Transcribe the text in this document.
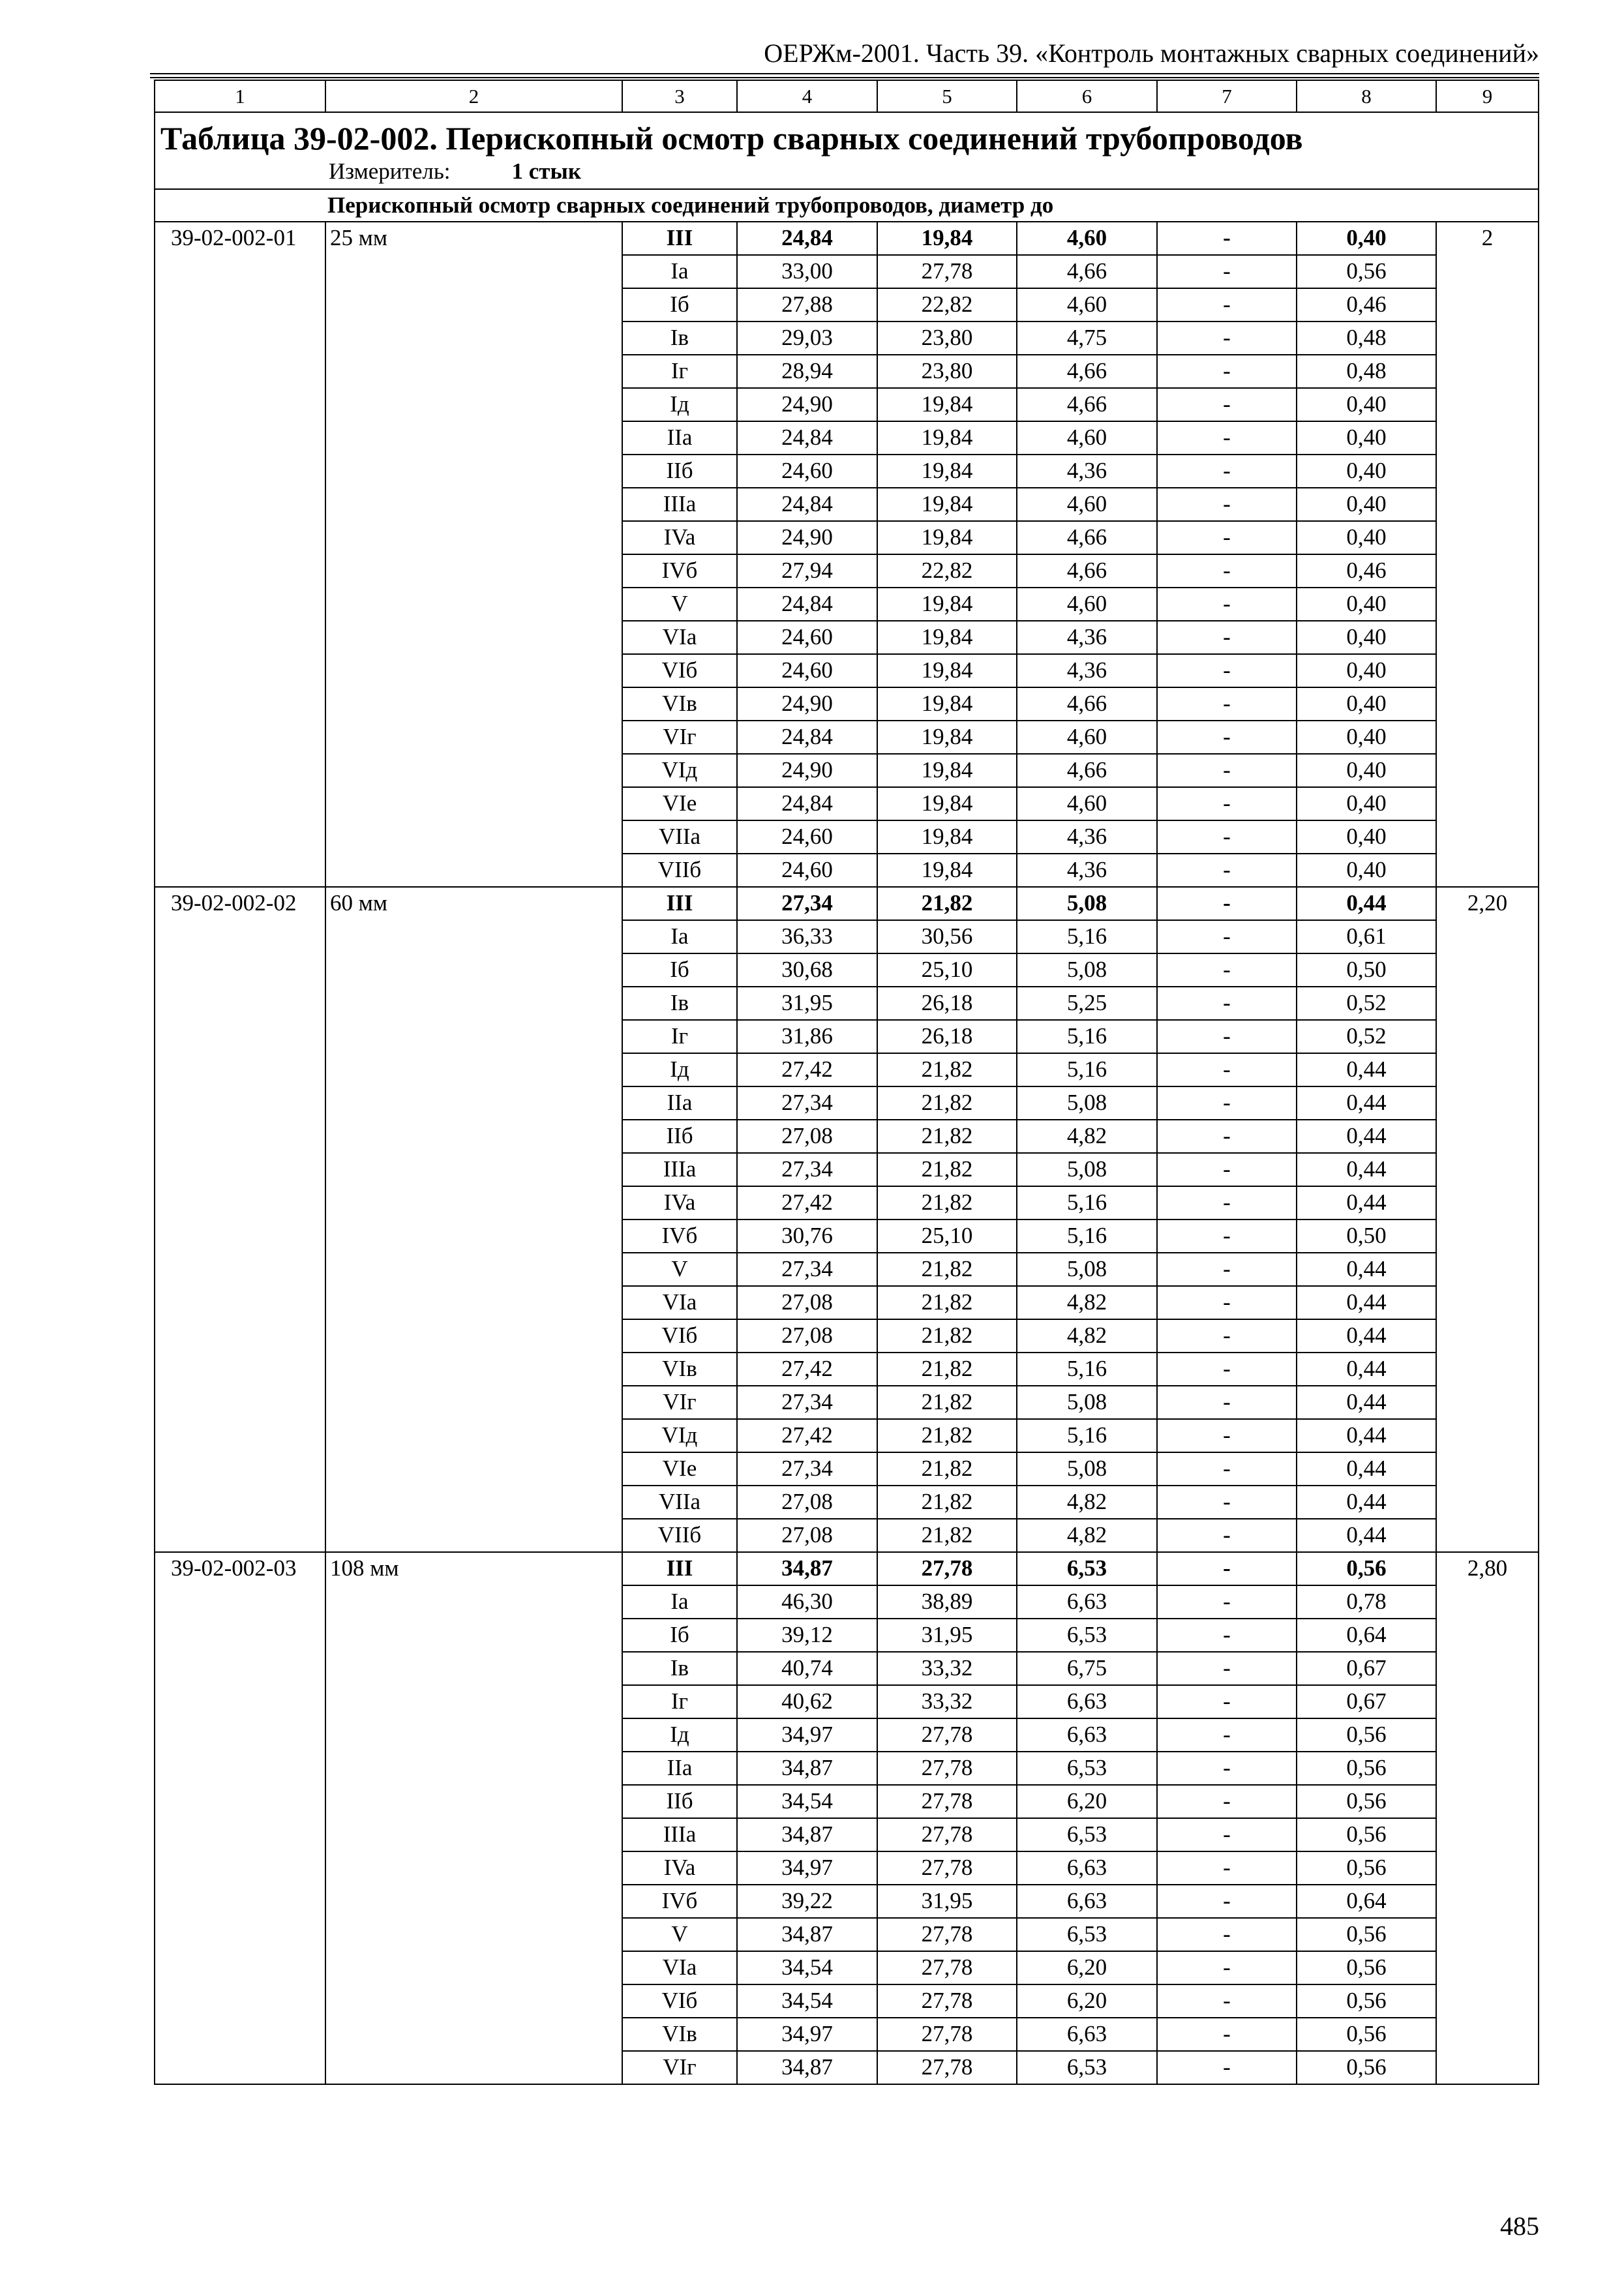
ОЕРЖм-2001. Часть 39. «Контроль монтажных сварных соединений»
1	2	3	4	5	6	7	8	9

Таблица 39-02-002. Перископный осмотр сварных соединений трубопроводов
Измеритель: 1 стык								

Перископный осмотр сварных соединений трубопроводов, диаметр до								
39-02-002-01	25 мм	III	24,84	19,84	4,60	-	0,40	2
		Ia	33,00	27,78	4,66	-	0,56	
		Iб	27,88	22,82	4,60	-	0,46	
		Iв	29,03	23,80	4,75	-	0,48	
		Iг	28,94	23,80	4,66	-	0,48	
		Iд	24,90	19,84	4,66	-	0,40	
		IIa	24,84	19,84	4,60	-	0,40	
		IIб	24,60	19,84	4,36	-	0,40	
		IIIa	24,84	19,84	4,60	-	0,40	
		IVa	24,90	19,84	4,66	-	0,40	
		IVб	27,94	22,82	4,66	-	0,46	
		V	24,84	19,84	4,60	-	0,40	
		VIa	24,60	19,84	4,36	-	0,40	
		VIб	24,60	19,84	4,36	-	0,40	
		VIв	24,90	19,84	4,66	-	0,40	
		VIг	24,84	19,84	4,60	-	0,40	
		VIд	24,90	19,84	4,66	-	0,40	
		VIe	24,84	19,84	4,60	-	0,40	
		VIIa	24,60	19,84	4,36	-	0,40	
		VIIб	24,60	19,84	4,36	-	0,40	
39-02-002-02	60 мм	III	27,34	21,82	5,08	-	0,44	2,20
		Ia	36,33	30,56	5,16	-	0,61	
		Iб	30,68	25,10	5,08	-	0,50	
		Iв	31,95	26,18	5,25	-	0,52	
		Iг	31,86	26,18	5,16	-	0,52	
		Iд	27,42	21,82	5,16	-	0,44	
		IIa	27,34	21,82	5,08	-	0,44	
		IIб	27,08	21,82	4,82	-	0,44	
		IIIa	27,34	21,82	5,08	-	0,44	
		IVa	27,42	21,82	5,16	-	0,44	
		IVб	30,76	25,10	5,16	-	0,50	
		V	27,34	21,82	5,08	-	0,44	
		VIa	27,08	21,82	4,82	-	0,44	
		VIб	27,08	21,82	4,82	-	0,44	
		VIв	27,42	21,82	5,16	-	0,44	
		VIг	27,34	21,82	5,08	-	0,44	
		VIд	27,42	21,82	5,16	-	0,44	
		VIe	27,34	21,82	5,08	-	0,44	
		VIIa	27,08	21,82	4,82	-	0,44	
		VIIб	27,08	21,82	4,82	-	0,44	
39-02-002-03	108 мм	III	34,87	27,78	6,53	-	0,56	2,80
		Ia	46,30	38,89	6,63	-	0,78	
		Iб	39,12	31,95	6,53	-	0,64	
		Iв	40,74	33,32	6,75	-	0,67	
		Iг	40,62	33,32	6,63	-	0,67	
		Iд	34,97	27,78	6,63	-	0,56	
		IIa	34,87	27,78	6,53	-	0,56	
		IIб	34,54	27,78	6,20	-	0,56	
		IIIa	34,87	27,78	6,53	-	0,56	
		IVa	34,97	27,78	6,63	-	0,56	
		IVб	39,22	31,95	6,63	-	0,64	
		V	34,87	27,78	6,53	-	0,56	
		VIa	34,54	27,78	6,20	-	0,56	
		VIб	34,54	27,78	6,20	-	0,56	
		VIв	34,97	27,78	6,63	-	0,56	
		VIг	34,87	27,78	6,53	-	0,56	
485
